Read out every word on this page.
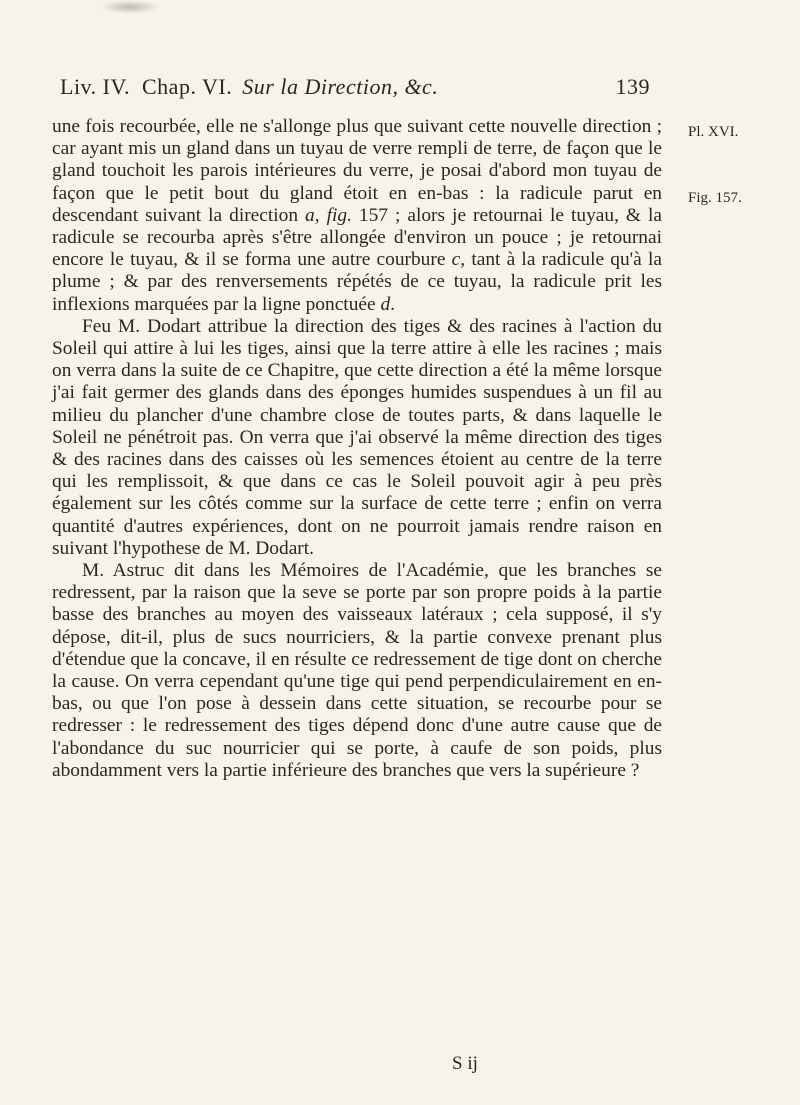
Liv. IV. Chap. VI. Sur la Direction, &c.	139
Pl. XVI.
Fig. 157.

une fois recourbée, elle ne s'allonge plus que suivant cette nouvelle direction ; car ayant mis un gland dans un tuyau de verre rempli de terre, de façon que le gland touchoit les parois intérieures du verre, je posai d'abord mon tuyau de façon que le petit bout du gland étoit en en-bas : la radicule parut en descendant suivant la direction a, fig. 157 ; alors je retournai le tuyau, & la radicule se recourba après s'être allongée d'environ un pouce ; je retournai encore le tuyau, & il se forma une autre courbure c, tant à la radicule qu'à la plume ; & par des renversements répétés de ce tuyau, la radicule prit les inflexions marquées par la ligne ponctuée d.

Feu M. Dodart attribue la direction des tiges & des racines à l'action du Soleil qui attire à lui les tiges, ainsi que la terre attire à elle les racines ; mais on verra dans la suite de ce Chapitre, que cette direction a été la même lorsque j'ai fait germer des glands dans des éponges humides suspendues à un fil au milieu du plancher d'une chambre close de toutes parts, & dans laquelle le Soleil ne pénétroit pas. On verra que j'ai observé la même direction des tiges & des racines dans des caisses où les semences étoient au centre de la terre qui les remplissoit, & que dans ce cas le Soleil pouvoit agir à peu près également sur les côtés comme sur la surface de cette terre ; enfin on verra quantité d'autres expériences, dont on ne pourroit jamais rendre raison en suivant l'hypothese de M. Dodart.

M. Astruc dit dans les Mémoires de l'Académie, que les branches se redressent, par la raison que la seve se porte par son propre poids à la partie basse des branches au moyen des vaisseaux latéraux ; cela supposé, il s'y dépose, dit-il, plus de sucs nourriciers, & la partie convexe prenant plus d'étendue que la concave, il en résulte ce redressement de tige dont on cherche la cause. On verra cependant qu'une tige qui pend perpendiculairement en en-bas, ou que l'on pose à dessein dans cette situation, se recourbe pour se redresser : le redressement des tiges dépend donc d'une autre cause que de l'abondance du suc nourricier qui se porte, à caufe de son poids, plus abondamment vers la partie inférieure des branches que vers la supérieure ?

S ij
